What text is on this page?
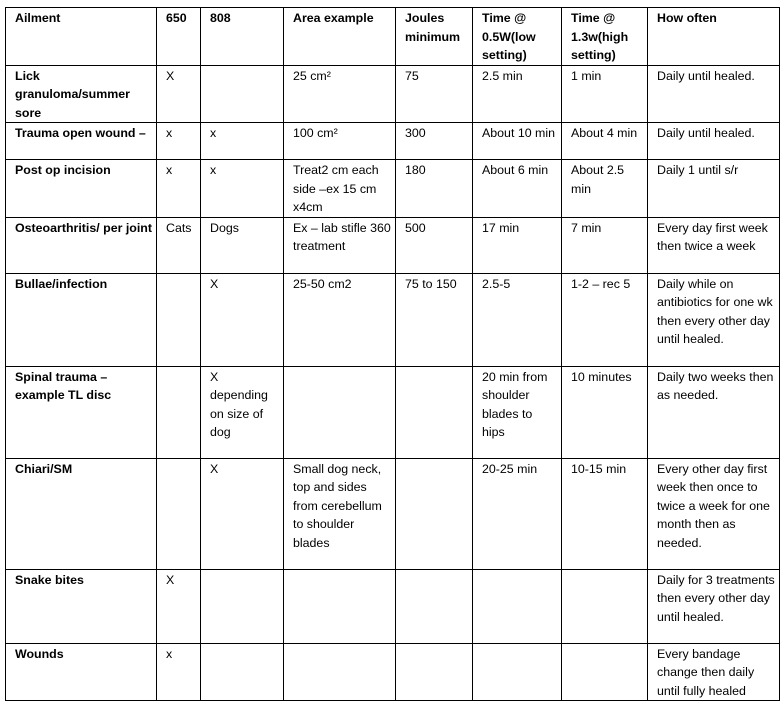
Ailment	650	808	Area example	Joules minimum	Time @ 0.5W(low setting)	Time @ 1.3w(high setting)	How often
Lick granuloma/summer sore	X		25 cm²	75	2.5 min	1 min	Daily until healed.
Trauma open wound –	x	x	100 cm²	300	About 10 min	About 4 min	Daily until healed.
Post op incision	x	x	Treat2 cm each side –ex 15 cm x4cm	180	About 6 min	About 2.5 min	Daily 1 until s/r
Osteoarthritis/ per joint	Cats	Dogs	Ex – lab stifle 360 treatment	500	17 min	7 min	Every day first week then twice a week
Bullae/infection		X	25-50 cm2	75 to 150	2.5-5	1-2 – rec 5	Daily while on antibiotics for one wk then every other day until healed.
Spinal trauma – example TL disc		X depending on size of dog			20 min from shoulder blades to hips	10 minutes	Daily two weeks then as needed.
Chiari/SM		X	Small dog neck, top and sides from cerebellum to shoulder blades		20-25 min	10-15 min	Every other day first week then once to twice a week for one month then as needed.
Snake bites	X						Daily for 3 treatments then every other day until healed.
Wounds	x						Every bandage change then daily until fully healed
